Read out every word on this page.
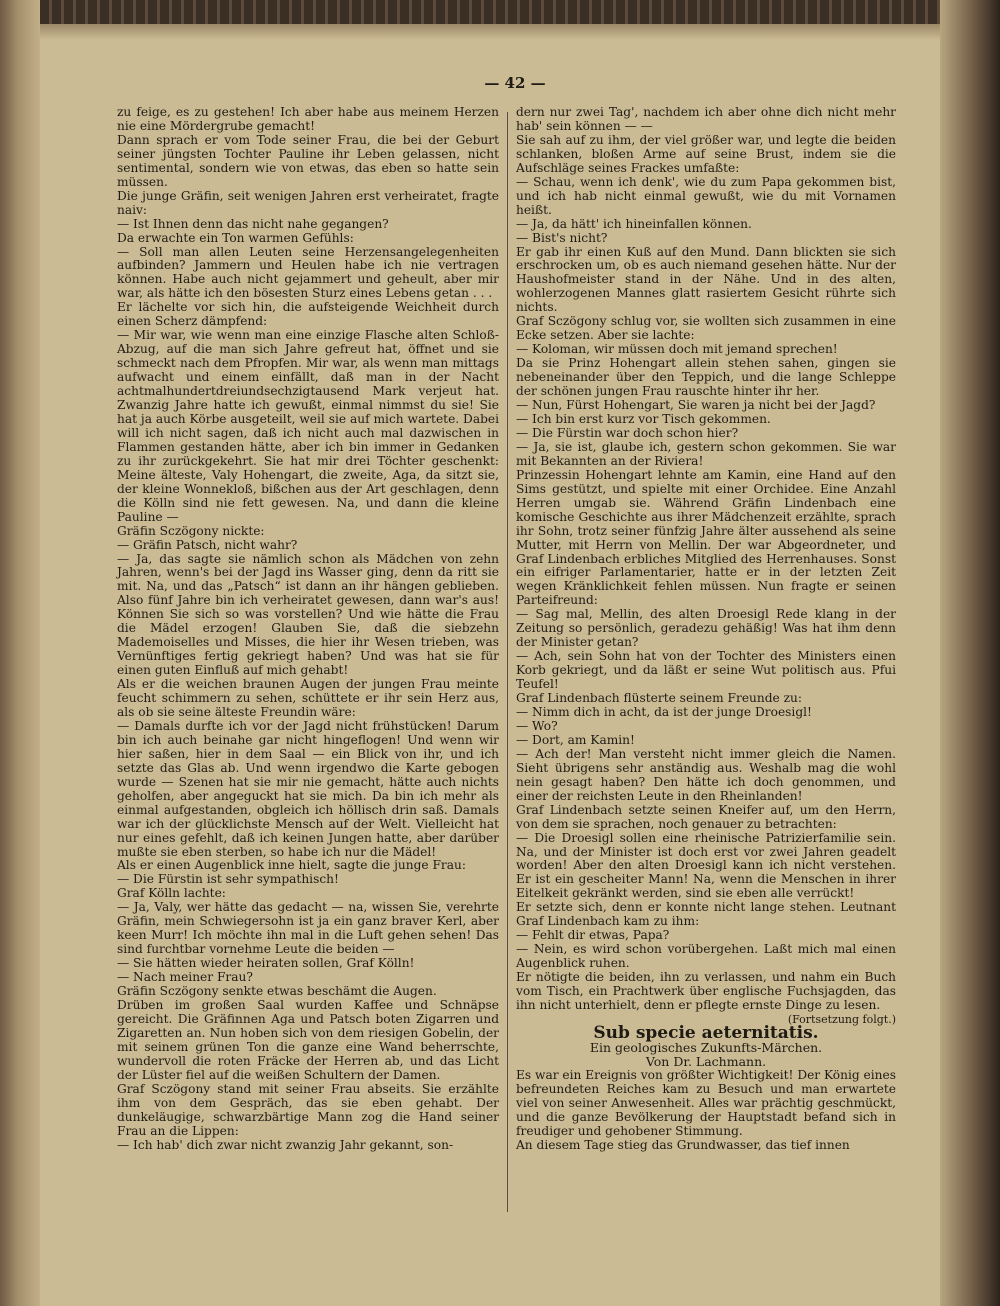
— 42 —

zu feige, es zu gestehen! Ich aber habe aus meinem Herzen nie eine Mördergrube gemacht!

Dann sprach er vom Tode seiner Frau, die bei der Geburt seiner jüngsten Tochter Pauline ihr Leben gelassen, nicht sentimental, sondern wie von etwas, das eben so hatte sein müssen.

Die junge Gräfin, seit wenigen Jahren erst verheiratet, fragte naiv:

— Ist Ihnen denn das nicht nahe gegangen?

Da erwachte ein Ton warmen Gefühls:

— Soll man allen Leuten seine Herzensangelegenheiten aufbinden? Jammern und Heulen habe ich nie vertragen können. Habe auch nicht gejammert und geheult, aber mir war, als hätte ich den bösesten Sturz eines Lebens getan . . .

Er lächelte vor sich hin, die aufsteigende Weichheit durch einen Scherz dämpfend:

— Mir war, wie wenn man eine einzige Flasche alten Schloß-Abzug, auf die man sich Jahre gefreut hat, öffnet und sie schmeckt nach dem Pfropfen. Mir war, als wenn man mittags aufwacht und einem einfällt, daß man in der Nacht achtmalhundertdreiundsechzigtausend Mark verjeut hat. Zwanzig Jahre hatte ich gewußt, einmal nimmst du sie! Sie hat ja auch Körbe ausgeteilt, weil sie auf mich wartete. Dabei will ich nicht sagen, daß ich nicht auch mal dazwischen in Flammen gestanden hätte, aber ich bin immer in Gedanken zu ihr zurückgekehrt. Sie hat mir drei Töchter geschenkt: Meine älteste, Valy Hohengart, die zweite, Aga, da sitzt sie, der kleine Wonnekloß, bißchen aus der Art geschlagen, denn die Kölln sind nie fett gewesen. Na, und dann die kleine Pauline —

Gräfin Sczögony nickte:

— Gräfin Patsch, nicht wahr?

— Ja, das sagte sie nämlich schon als Mädchen von zehn Jahren, wenn's bei der Jagd ins Wasser ging, denn da ritt sie mit. Na, und das „Patsch“ ist dann an ihr hängen geblieben. Also fünf Jahre bin ich verheiratet gewesen, dann war's aus! Können Sie sich so was vorstellen? Und wie hätte die Frau die Mädel erzogen! Glauben Sie, daß die siebzehn Mademoiselles und Misses, die hier ihr Wesen trieben, was Vernünftiges fertig gekriegt haben? Und was hat sie für einen guten Einfluß auf mich gehabt!

Als er die weichen braunen Augen der jungen Frau meinte feucht schimmern zu sehen, schüttete er ihr sein Herz aus, als ob sie seine älteste Freundin wäre:

— Damals durfte ich vor der Jagd nicht frühstücken! Darum bin ich auch beinahe gar nicht hingeflogen! Und wenn wir hier saßen, hier in dem Saal — ein Blick von ihr, und ich setzte das Glas ab. Und wenn irgendwo die Karte gebogen wurde — Szenen hat sie mir nie gemacht, hätte auch nichts geholfen, aber angeguckt hat sie mich. Da bin ich mehr als einmal aufgestanden, obgleich ich höllisch drin saß. Damals war ich der glücklichste Mensch auf der Welt. Vielleicht hat nur eines gefehlt, daß ich keinen Jungen hatte, aber darüber mußte sie eben sterben, so habe ich nur die Mädel!

Als er einen Augenblick inne hielt, sagte die junge Frau:

— Die Fürstin ist sehr sympathisch!

Graf Kölln lachte:

— Ja, Valy, wer hätte das gedacht — na, wissen Sie, verehrte Gräfin, mein Schwiegersohn ist ja ein ganz braver Kerl, aber keen Murr! Ich möchte ihn mal in die Luft gehen sehen! Das sind furchtbar vornehme Leute die beiden —

— Sie hätten wieder heiraten sollen, Graf Kölln!

— Nach meiner Frau?

Gräfin Sczögony senkte etwas beschämt die Augen.

Drüben im großen Saal wurden Kaffee und Schnäpse gereicht. Die Gräfinnen Aga und Patsch boten Zigarren und Zigaretten an. Nun hoben sich von dem riesigen Gobelin, der mit seinem grünen Ton die ganze eine Wand beherrschte, wundervoll die roten Fräcke der Herren ab, und das Licht der Lüster fiel auf die weißen Schultern der Damen.

Graf Sczögony stand mit seiner Frau abseits. Sie erzählte ihm von dem Gespräch, das sie eben gehabt. Der dunkeläugige, schwarzbärtige Mann zog die Hand seiner Frau an die Lippen:

— Ich hab' dich zwar nicht zwanzig Jahr gekannt, son-

dern nur zwei Tag', nachdem ich aber ohne dich nicht mehr hab' sein können — —

Sie sah auf zu ihm, der viel größer war, und legte die beiden schlanken, bloßen Arme auf seine Brust, indem sie die Aufschläge seines Frackes umfaßte:

— Schau, wenn ich denk', wie du zum Papa gekommen bist, und ich hab nicht einmal gewußt, wie du mit Vornamen heißt.

— Ja, da hätt' ich hineinfallen können.

— Bist's nicht?

Er gab ihr einen Kuß auf den Mund. Dann blickten sie sich erschrocken um, ob es auch niemand gesehen hätte. Nur der Haushofmeister stand in der Nähe. Und in des alten, wohlerzogenen Mannes glatt rasiertem Gesicht rührte sich nichts.

Graf Sczögony schlug vor, sie wollten sich zusammen in eine Ecke setzen. Aber sie lachte:

— Koloman, wir müssen doch mit jemand sprechen!

Da sie Prinz Hohengart allein stehen sahen, gingen sie nebeneinander über den Teppich, und die lange Schleppe der schönen jungen Frau rauschte hinter ihr her.

— Nun, Fürst Hohengart, Sie waren ja nicht bei der Jagd?

— Ich bin erst kurz vor Tisch gekommen.

— Die Fürstin war doch schon hier?

— Ja, sie ist, glaube ich, gestern schon gekommen. Sie war mit Bekannten an der Riviera!

Prinzessin Hohengart lehnte am Kamin, eine Hand auf den Sims gestützt, und spielte mit einer Orchidee. Eine Anzahl Herren umgab sie. Während Gräfin Lindenbach eine komische Geschichte aus ihrer Mädchenzeit erzählte, sprach ihr Sohn, trotz seiner fünfzig Jahre älter aussehend als seine Mutter, mit Herrn von Mellin. Der war Abgeordneter, und Graf Lindenbach erbliches Mitglied des Herrenhauses. Sonst ein eifriger Parlamentarier, hatte er in der letzten Zeit wegen Kränklichkeit fehlen müssen. Nun fragte er seinen Parteifreund:

— Sag mal, Mellin, des alten Droesigl Rede klang in der Zeitung so persönlich, geradezu gehäßig! Was hat ihm denn der Minister getan?

— Ach, sein Sohn hat von der Tochter des Ministers einen Korb gekriegt, und da läßt er seine Wut politisch aus. Pfui Teufel!

Graf Lindenbach flüsterte seinem Freunde zu:

— Nimm dich in acht, da ist der junge Droesigl!

— Wo?

— Dort, am Kamin!

— Ach der! Man versteht nicht immer gleich die Namen. Sieht übrigens sehr anständig aus. Weshalb mag die wohl nein gesagt haben? Den hätte ich doch genommen, und einer der reichsten Leute in den Rheinlanden!

Graf Lindenbach setzte seinen Kneifer auf, um den Herrn, von dem sie sprachen, noch genauer zu betrachten:

— Die Droesigl sollen eine rheinische Patrizierfamilie sein. Na, und der Minister ist doch erst vor zwei Jahren geadelt worden! Aber den alten Droesigl kann ich nicht verstehen. Er ist ein gescheiter Mann! Na, wenn die Menschen in ihrer Eitelkeit gekränkt werden, sind sie eben alle verrückt!

Er setzte sich, denn er konnte nicht lange stehen. Leutnant Graf Lindenbach kam zu ihm:

— Fehlt dir etwas, Papa?

— Nein, es wird schon vorübergehen. Laßt mich mal einen Augenblick ruhen.

Er nötigte die beiden, ihn zu verlassen, und nahm ein Buch vom Tisch, ein Prachtwerk über englische Fuchsjagden, das ihn nicht unterhielt, denn er pflegte ernste Dinge zu lesen.

(Fortsetzung folgt.)

Sub specie aeternitatis.

Ein geologisches Zukunfts-Märchen.

Von Dr. Lachmann.

Es war ein Ereignis von größter Wichtigkeit! Der König eines befreundeten Reiches kam zu Besuch und man erwartete viel von seiner Anwesenheit. Alles war prächtig geschmückt, und die ganze Bevölkerung der Hauptstadt befand sich in freudiger und gehobener Stimmung.

An diesem Tage stieg das Grundwasser, das tief innen
